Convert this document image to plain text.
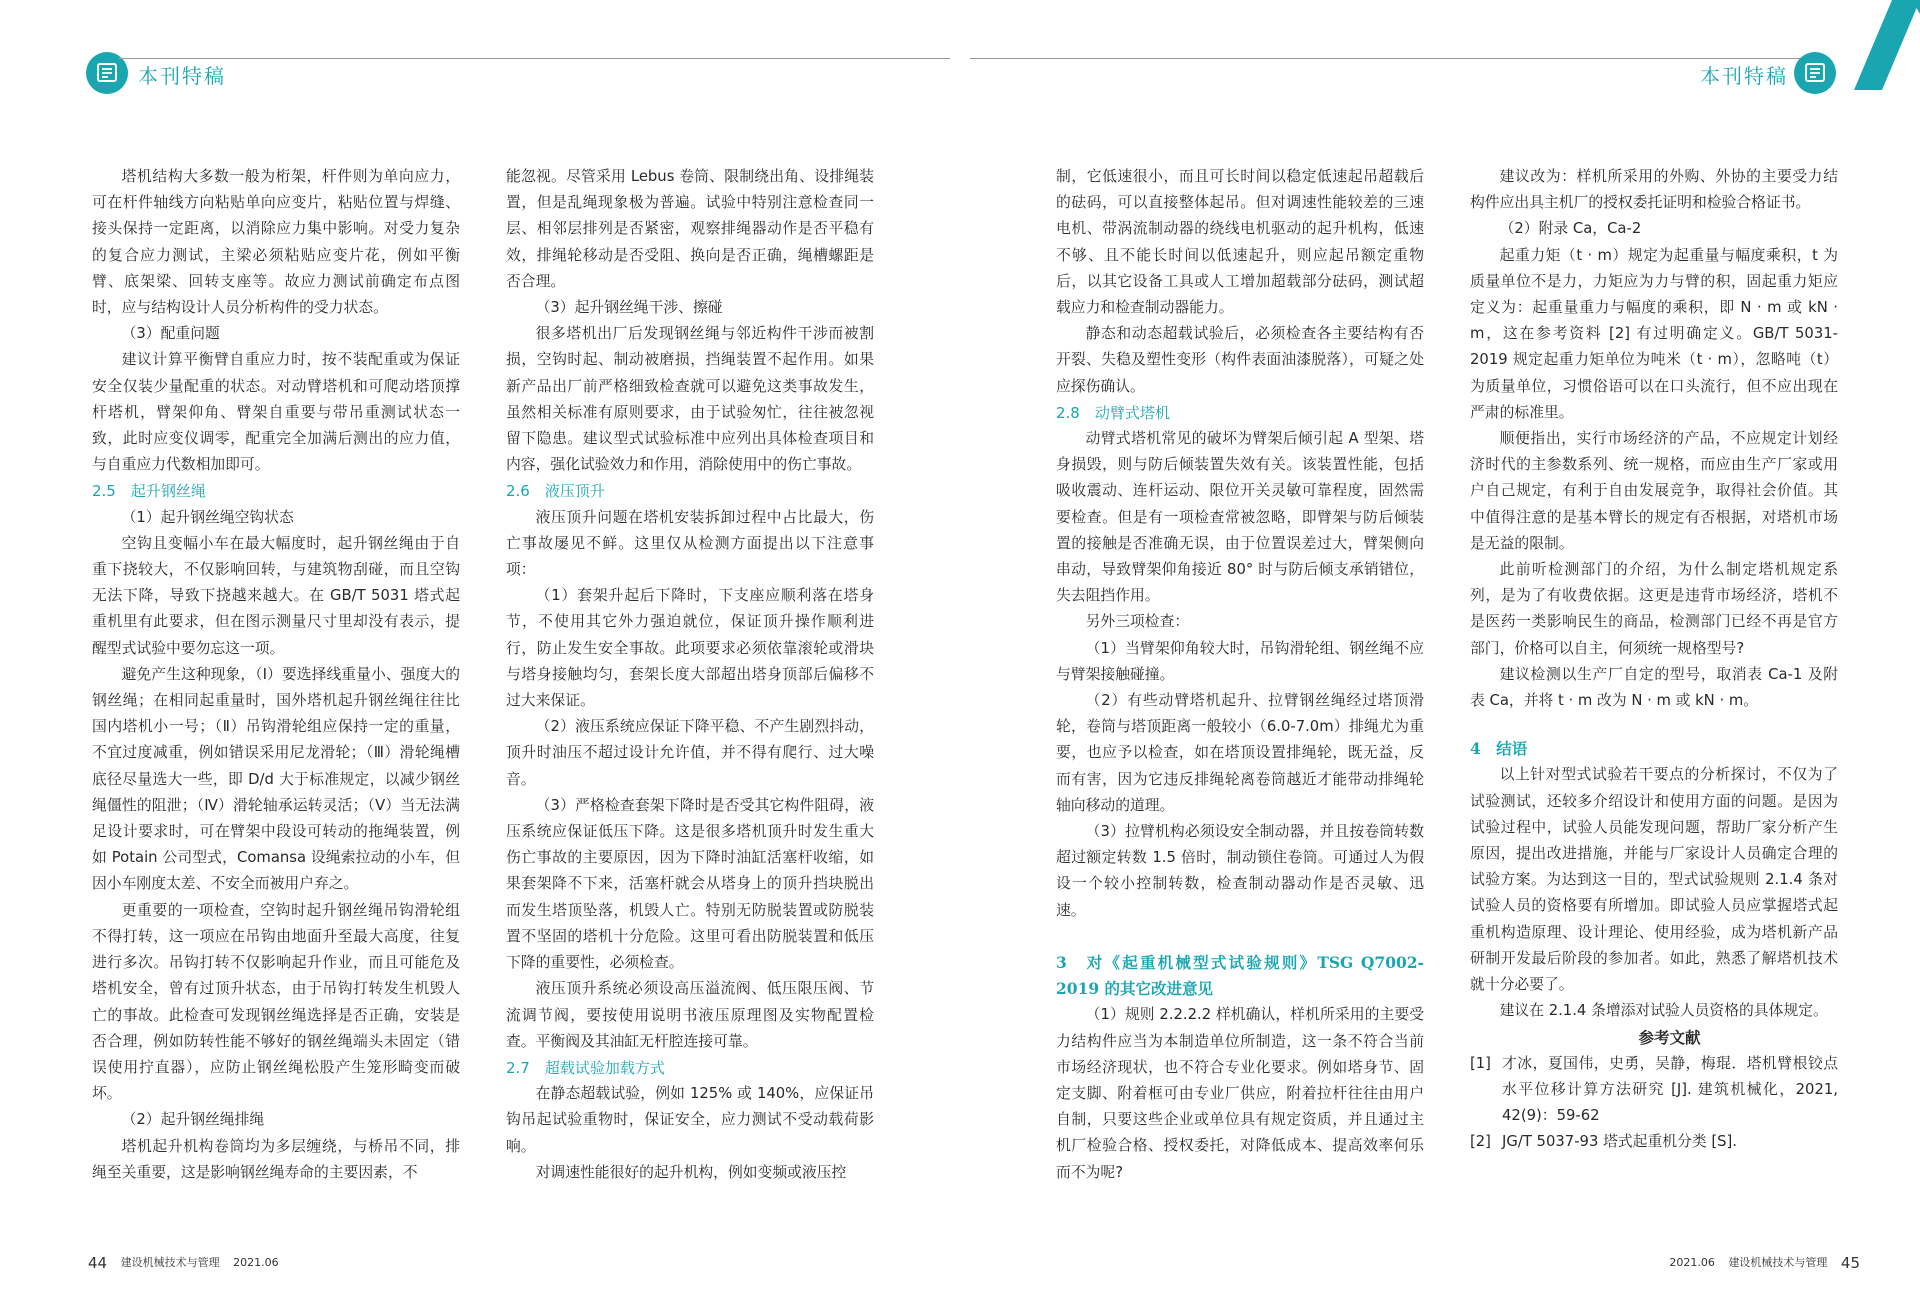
本刊特稿

塔机结构大多数一般为桁架，杆件则为单向应力，可在杆件轴线方向粘贴单向应变片，粘贴位置与焊缝、接头保持一定距离，以消除应力集中影响。对受力复杂的复合应力测试，主梁必须粘贴应变片花，例如平衡臂、底架梁、回转支座等。故应力测试前确定布点图时，应与结构设计人员分析构件的受力状态。

（3）配重问题

建议计算平衡臂自重应力时，按不装配重或为保证安全仅装少量配重的状态。对动臂塔机和可爬动塔顶撑杆塔机，臂架仰角、臂架自重要与带吊重测试状态一致，此时应变仪调零，配重完全加满后测出的应力值，与自重应力代数相加即可。

2.5　起升钢丝绳

（1）起升钢丝绳空钩状态

空钩且变幅小车在最大幅度时，起升钢丝绳由于自重下挠较大，不仅影响回转，与建筑物刮碰，而且空钩无法下降，导致下挠越来越大。在 GB/T 5031 塔式起重机里有此要求，但在图示测量尺寸里却没有表示，提醒型式试验中要勿忘这一项。

避免产生这种现象，（Ⅰ）要选择线重量小、强度大的钢丝绳；在相同起重量时，国外塔机起升钢丝绳往往比国内塔机小一号；（Ⅱ）吊钩滑轮组应保持一定的重量，不宜过度减重，例如错误采用尼龙滑轮；（Ⅲ）滑轮绳槽底径尽量选大一些，即 D/d 大于标准规定，以减少钢丝绳僵性的阻泄；（Ⅳ）滑轮轴承运转灵活；（Ⅴ）当无法满足设计要求时，可在臂架中段设可转动的拖绳装置，例如 Potain 公司型式，Comansa 设绳索拉动的小车，但因小车刚度太差、不安全而被用户弃之。

更重要的一项检查，空钩时起升钢丝绳吊钩滑轮组不得打转，这一项应在吊钩由地面升至最大高度，往复进行多次。吊钩打转不仅影响起升作业，而且可能危及塔机安全，曾有过顶升状态，由于吊钩打转发生机毁人亡的事故。此检查可发现钢丝绳选择是否正确，安装是否合理，例如防转性能不够好的钢丝绳端头未固定（错误使用拧直器），应防止钢丝绳松股产生笼形畸变而破坏。

（2）起升钢丝绳排绳

塔机起升机构卷筒均为多层缠绕，与桥吊不同，排绳至关重要，这是影响钢丝绳寿命的主要因素，不

能忽视。尽管采用 Lebus 卷筒、限制绕出角、设排绳装置，但是乱绳现象极为普遍。试验中特别注意检查同一层、相邻层排列是否紧密，观察排绳器动作是否平稳有效，排绳轮移动是否受阻、换向是否正确，绳槽螺距是否合理。

（3）起升钢丝绳干涉、擦碰

很多塔机出厂后发现钢丝绳与邻近构件干涉而被割损，空钩时起、制动被磨损，挡绳装置不起作用。如果新产品出厂前严格细致检查就可以避免这类事故发生，虽然相关标准有原则要求，由于试验匆忙，往往被忽视留下隐患。建议型式试验标准中应列出具体检查项目和内容，强化试验效力和作用，消除使用中的伤亡事故。

2.6　液压顶升

液压顶升问题在塔机安装拆卸过程中占比最大，伤亡事故屡见不鲜。这里仅从检测方面提出以下注意事项：

（1）套架升起后下降时，下支座应顺利落在塔身节，不使用其它外力强迫就位，保证顶升操作顺利进行，防止发生安全事故。此项要求必须依靠滚轮或滑块与塔身接触均匀，套架长度大部超出塔身顶部后偏移不过大来保证。

（2）液压系统应保证下降平稳、不产生剧烈抖动，顶升时油压不超过设计允许值，并不得有爬行、过大噪音。

（3）严格检查套架下降时是否受其它构件阻碍，液压系统应保证低压下降。这是很多塔机顶升时发生重大伤亡事故的主要原因，因为下降时油缸活塞杆收缩，如果套架降不下来，活塞杆就会从塔身上的顶升挡块脱出而发生塔顶坠落，机毁人亡。特别无防脱装置或防脱装置不坚固的塔机十分危险。这里可看出防脱装置和低压下降的重要性，必须检查。

液压顶升系统必须设高压溢流阀、低压限压阀、节流调节阀，要按使用说明书液压原理图及实物配置检查。平衡阀及其油缸无杆腔连接可靠。

2.7　超载试验加载方式

在静态超载试验，例如 125% 或 140%，应保证吊钩吊起试验重物时，保证安全，应力测试不受动载荷影响。

对调速性能很好的起升机构，例如变频或液压控

44 建设机械技术与管理 2021.06
本刊特稿

制，它低速很小，而且可长时间以稳定低速起吊超载后的砝码，可以直接整体起吊。但对调速性能较差的三速电机、带涡流制动器的绕线电机驱动的起升机构，低速不够、且不能长时间以低速起升，则应起吊额定重物后，以其它设备工具或人工增加超载部分砝码，测试超载应力和检查制动器能力。

静态和动态超载试验后，必须检查各主要结构有否开裂、失稳及塑性变形（构件表面油漆脱落），可疑之处应探伤确认。

2.8　动臂式塔机

动臂式塔机常见的破坏为臂架后倾引起 A 型架、塔身损毁，则与防后倾装置失效有关。该装置性能，包括吸收震动、连杆运动、限位开关灵敏可靠程度，固然需要检查。但是有一项检查常被忽略，即臂架与防后倾装置的接触是否准确无误，由于位置误差过大，臂架侧向串动，导致臂架仰角接近 80° 时与防后倾支承销错位，失去阻挡作用。

另外三项检查：

（1）当臂架仰角较大时，吊钩滑轮组、钢丝绳不应与臂架接触碰撞。

（2）有些动臂塔机起升、拉臂钢丝绳经过塔顶滑轮，卷筒与塔顶距离一般较小（6.0-7.0m）排绳尤为重要，也应予以检查，如在塔顶设置排绳轮，既无益，反而有害，因为它违反排绳轮离卷筒越近才能带动排绳轮轴向移动的道理。

（3）拉臂机构必须设安全制动器，并且按卷筒转数超过额定转数 1.5 倍时，制动锁住卷筒。可通过人为假设一个较小控制转数，检查制动器动作是否灵敏、迅速。

3　对《起重机械型式试验规则》TSG Q7002-2019 的其它改进意见

（1）规则 2.2.2.2 样机确认，样机所采用的主要受力结构件应当为本制造单位所制造，这一条不符合当前市场经济现状，也不符合专业化要求。例如塔身节、固定支脚、附着框可由专业厂供应，附着拉杆往往由用户自制，只要这些企业或单位具有规定资质，并且通过主机厂检验合格、授权委托，对降低成本、提高效率何乐而不为呢?

建议改为：样机所采用的外购、外协的主要受力结构件应出具主机厂的授权委托证明和检验合格证书。

（2）附录 Ca，Ca-2

起重力矩（t · m）规定为起重量与幅度乘积，t 为质量单位不是力，力矩应为力与臂的积，固起重力矩应定义为：起重量重力与幅度的乘积，即 N · m 或 kN · m，这在参考资料 [2] 有过明确定义。GB/T 5031-2019 规定起重力矩单位为吨米（t · m），忽略吨（t）为质量单位，习惯俗语可以在口头流行，但不应出现在严肃的标准里。

顺便指出，实行市场经济的产品，不应规定计划经济时代的主参数系列、统一规格，而应由生产厂家或用户自己规定，有利于自由发展竞争，取得社会价值。其中值得注意的是基本臂长的规定有否根据，对塔机市场是无益的限制。

此前听检测部门的介绍，为什么制定塔机规定系列，是为了有收费依据。这更是违背市场经济，塔机不是医药一类影响民生的商品，检测部门已经不再是官方部门，价格可以自主，何须统一规格型号?

建议检测以生产厂自定的型号，取消表 Ca-1 及附表 Ca，并将 t · m 改为 N · m 或 kN · m。

4　结语

以上针对型式试验若干要点的分析探讨，不仅为了试验测试，还较多介绍设计和使用方面的问题。是因为试验过程中，试验人员能发现问题，帮助厂家分析产生原因，提出改进措施，并能与厂家设计人员确定合理的试验方案。为达到这一目的，型式试验规则 2.1.4 条对试验人员的资格要有所增加。即试验人员应掌握塔式起重机构造原理、设计理论、使用经验，成为塔机新产品研制开发最后阶段的参加者。如此，熟悉了解塔机技术就十分必要了。

建议在 2.1.4 条增添对试验人员资格的具体规定。

参考文献

[1] 才冰，夏国伟，史勇，吴静，梅琨．塔机臂根铰点水平位移计算方法研究 [J]. 建筑机械化，2021, 42(9)：59-62
[2] JG/T 5037-93 塔式起重机分类 [S].
2021.06 建设机械技术与管理 45
